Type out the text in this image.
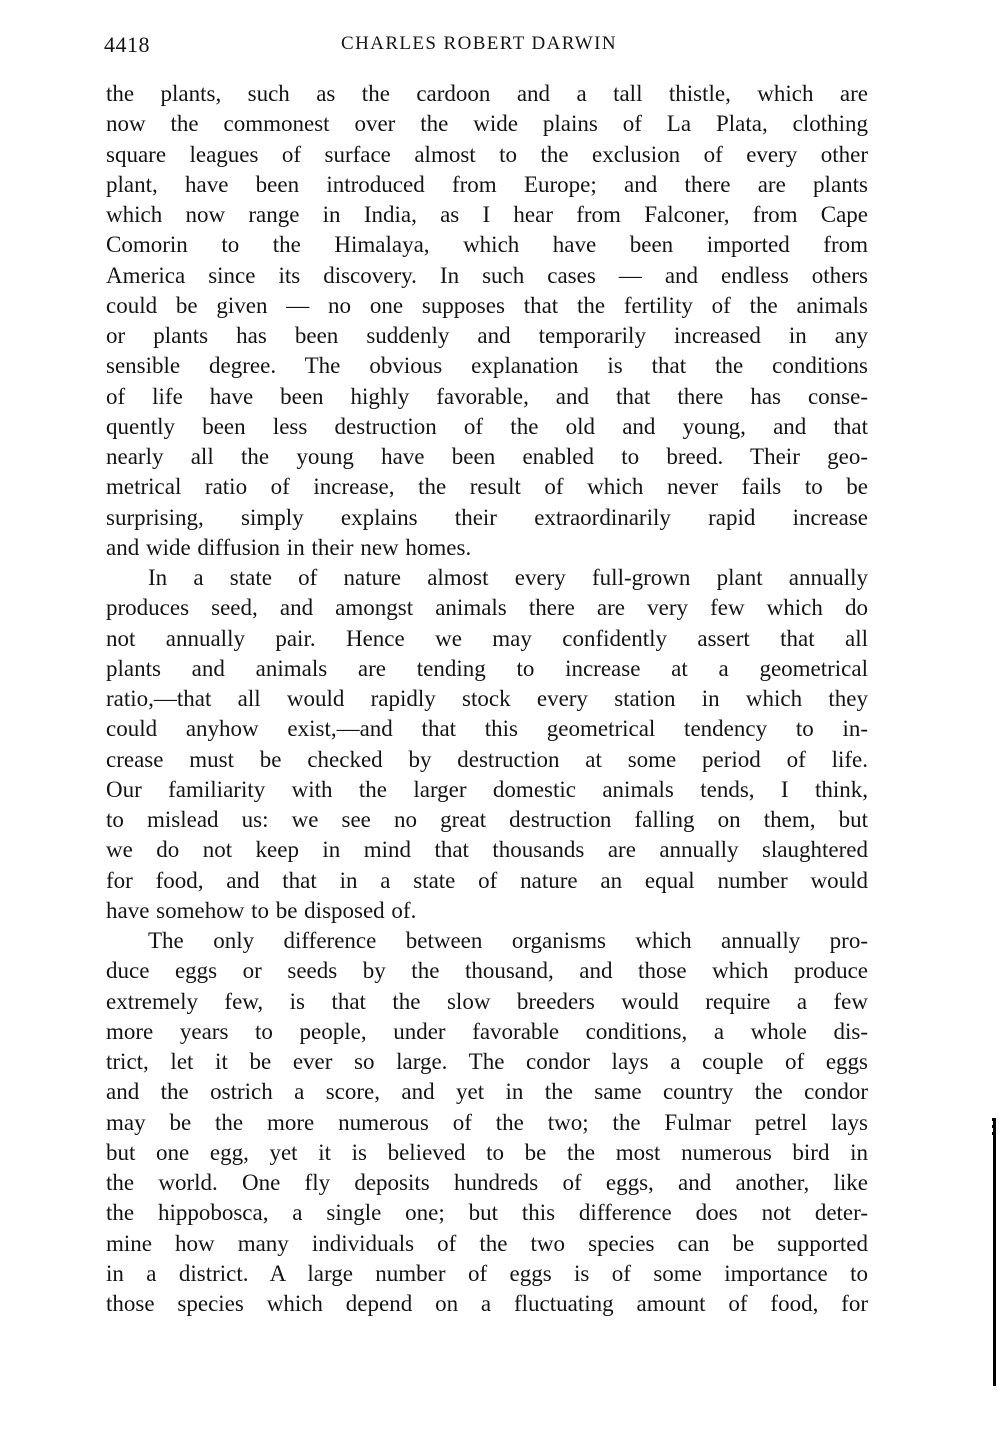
4418	CHARLES ROBERT DARWIN
the plants, such as the cardoon and a tall thistle, which are
now the commonest over the wide plains of La Plata, clothing
square leagues of surface almost to the exclusion of every other
plant, have been introduced from Europe; and there are plants
which now range in India, as I hear from Falconer, from Cape
Comorin to the Himalaya, which have been imported from
America since its discovery. In such cases — and endless others
could be given — no one supposes that the fertility of the animals
or plants has been suddenly and temporarily increased in any
sensible degree. The obvious explanation is that the conditions
of life have been highly favorable, and that there has conse-
quently been less destruction of the old and young, and that
nearly all the young have been enabled to breed. Their geo-
metrical ratio of increase, the result of which never fails to be
surprising, simply explains their extraordinarily rapid increase
and wide diffusion in their new homes.
In a state of nature almost every full-grown plant annually
produces seed, and amongst animals there are very few which do
not annually pair. Hence we may confidently assert that all
plants and animals are tending to increase at a geometrical
ratio,—that all would rapidly stock every station in which they
could anyhow exist,—and that this geometrical tendency to in-
crease must be checked by destruction at some period of life.
Our familiarity with the larger domestic animals tends, I think,
to mislead us: we see no great destruction falling on them, but
we do not keep in mind that thousands are annually slaughtered
for food, and that in a state of nature an equal number would
have somehow to be disposed of.
The only difference between organisms which annually pro-
duce eggs or seeds by the thousand, and those which produce
extremely few, is that the slow breeders would require a few
more years to people, under favorable conditions, a whole dis-
trict, let it be ever so large. The condor lays a couple of eggs
and the ostrich a score, and yet in the same country the condor
may be the more numerous of the two; the Fulmar petrel lays
but one egg, yet it is believed to be the most numerous bird in
the world. One fly deposits hundreds of eggs, and another, like
the hippobosca, a single one; but this difference does not deter-
mine how many individuals of the two species can be supported
in a district. A large number of eggs is of some importance to
those species which depend on a fluctuating amount of food, for
